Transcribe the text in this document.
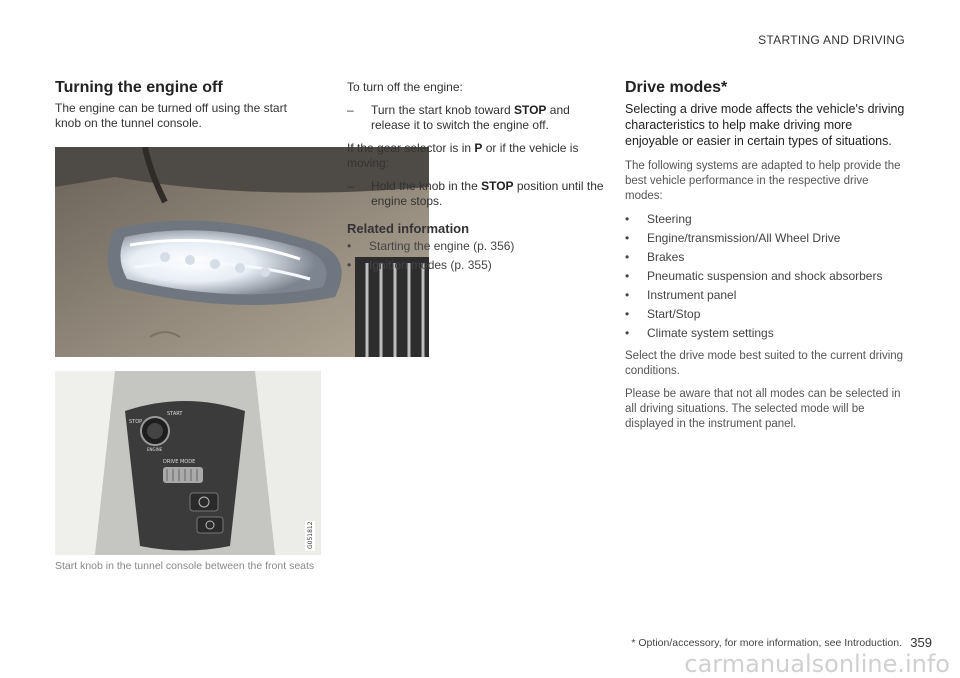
STARTING AND DRIVING
Turning the engine off

The engine can be turned off using the start knob on the tunnel console.

STOP
START
ENGINE
DRIVE MODE
G051812
Start knob in the tunnel console between the front seats

To turn off the engine:

–	Turn the start knob toward STOP and release it to switch the engine off.

If the gear selector is in P or if the vehicle is moving:

–	Hold the knob in the STOP position until the engine stops.
Related information
•	Starting the engine (p. 356)
•	Ignition modes (p. 355)
Drive modes*

Selecting a drive mode affects the vehicle's driving characteristics to help make driving more enjoyable or easier in certain types of situations.

The following systems are adapted to help provide the best vehicle performance in the respective drive modes:

•	Steering
•	Engine/transmission/All Wheel Drive
•	Brakes
•	Pneumatic suspension and shock absorbers
•	Instrument panel
•	Start/Stop
•	Climate system settings

Select the drive mode best suited to the current driving conditions.

Please be aware that not all modes can be selected in all driving situations. The selected mode will be displayed in the instrument panel.

* Option/accessory, for more information, see Introduction. 359
carmanualsonline.info
